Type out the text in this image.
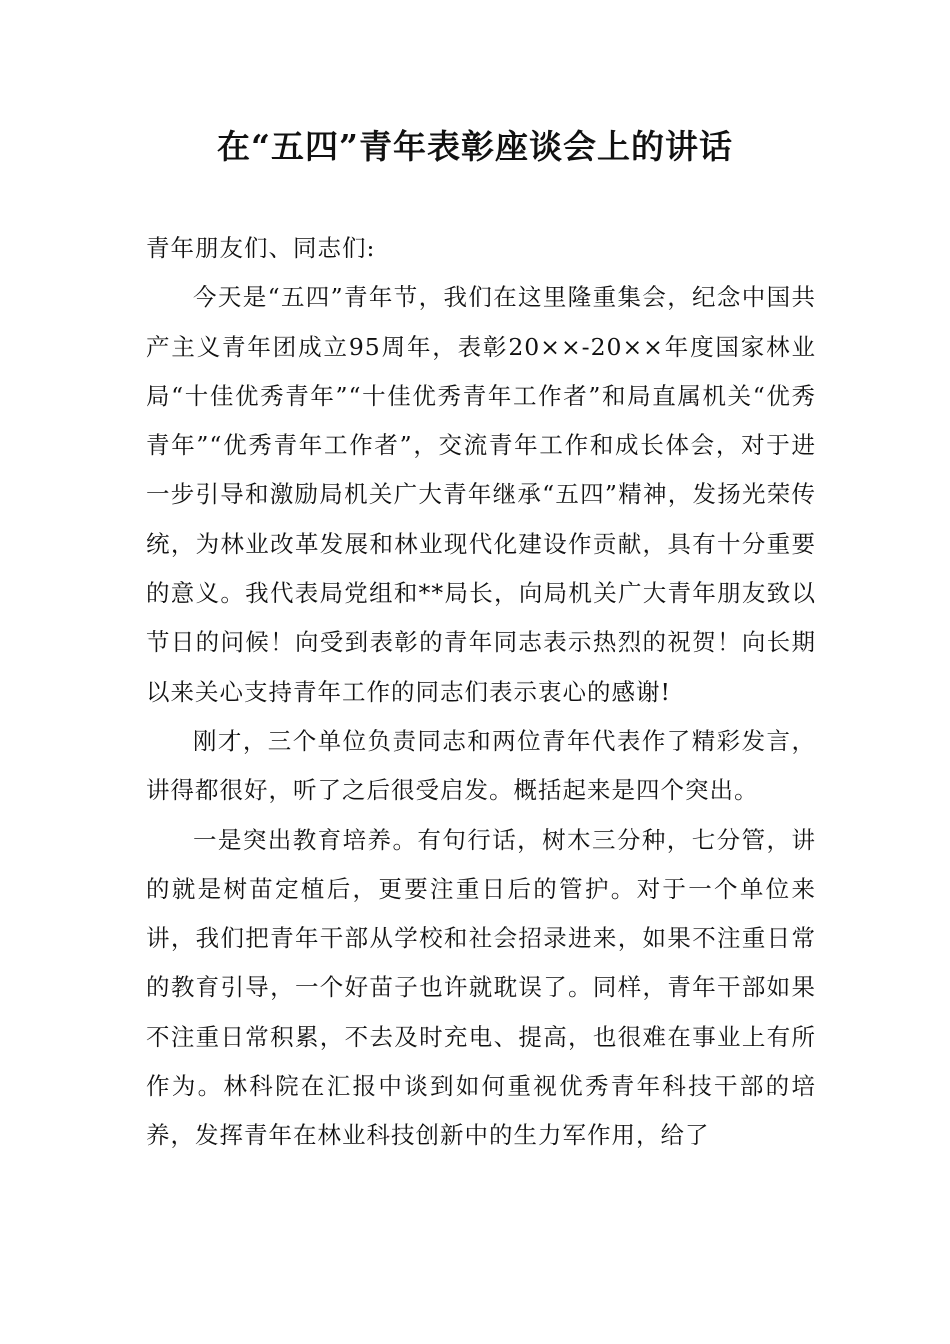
在“五四”青年表彰座谈会上的讲话

青年朋友们、同志们:

今天是“五四”青年节，我们在这里隆重集会，纪念中国共产主义青年团成立95周年，表彰20××-20××年度国家林业局“十佳优秀青年”“十佳优秀青年工作者”和局直属机关“优秀青年”“优秀青年工作者”，交流青年工作和成长体会，对于进一步引导和激励局机关广大青年继承“五四”精神，发扬光荣传统，为林业改革发展和林业现代化建设作贡献，具有十分重要的意义。我代表局党组和**局长，向局机关广大青年朋友致以节日的问候！向受到表彰的青年同志表示热烈的祝贺！向长期以来关心支持青年工作的同志们表示衷心的感谢!

刚才，三个单位负责同志和两位青年代表作了精彩发言，讲得都很好，听了之后很受启发。概括起来是四个突出。

一是突出教育培养。有句行话，树木三分种，七分管，讲的就是树苗定植后，更要注重日后的管护。对于一个单位来讲，我们把青年干部从学校和社会招录进来，如果不注重日常的教育引导，一个好苗子也许就耽误了。同样，青年干部如果不注重日常积累，不去及时充电、提高，也很难在事业上有所作为。林科院在汇报中谈到如何重视优秀青年科技干部的培养，发挥青年在林业科技创新中的生力军作用，给了
